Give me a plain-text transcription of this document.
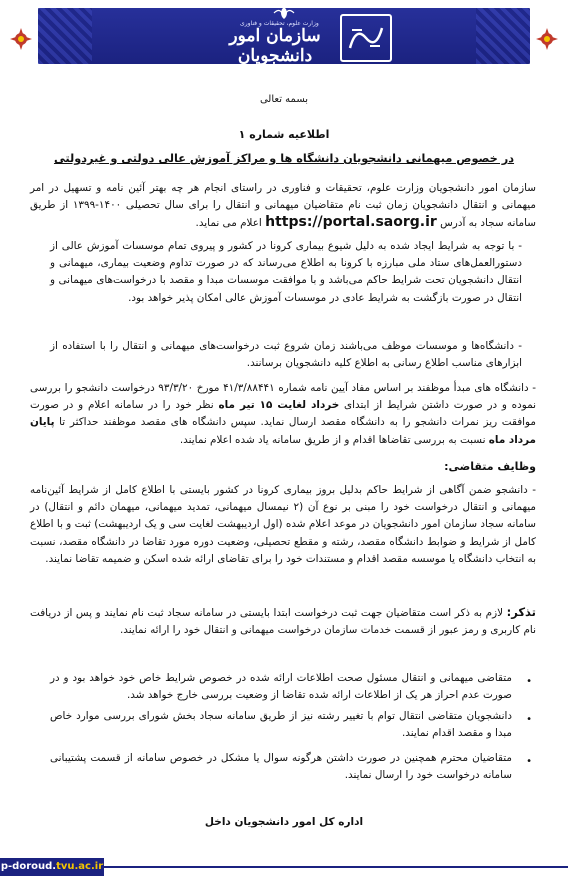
وزارت علوم، تحقیقات و فناوری
سازمان امور دانشجویان
بسمه تعالی
اطلاعیه شماره ۱
در خصوص میهمانی دانشجویان دانشگاه ها و مراکز آموزش عالی دولتی و غیردولتی
سازمان امور دانشجویان وزارت علوم، تحقیقات و فناوری در راستای انجام هر چه بهتر آئین نامه و تسهیل در امر میهمانی و انتقال دانشجویان زمان ثبت نام متقاضیان میهمانی و انتقال را برای سال تحصیلی ۱۴۰۰-۱۳۹۹ از طریق سامانه سجاد به آدرس https://portal.saorg.ir اعلام می نماید.
- با توجه به شرایط ایجاد شده به دلیل شیوع بیماری کرونا در کشور و پیروی تمام موسسات آموزش عالی از دستورالعمل‌های ستاد ملی مبارزه با کرونا به اطلاع می‌رساند که در صورت تداوم وضعیت بیماری، میهمانی و انتقال دانشجویان تحت شرایط حاکم می‌باشد و با موافقت موسسات مبدا و مقصد با درخواست‌های میهمانی و انتقال در صورت بازگشت به شرایط عادی در موسسات آموزش عالی امکان پذیر خواهد بود.
- دانشگاه‌ها و موسسات موظف می‌باشند زمان شروع ثبت درخواست‌های میهمانی و انتقال را با استفاده از ابزارهای مناسب اطلاع رسانی به اطلاع کلیه دانشجویان برسانند.
- دانشگاه های مبدأ موظفند بر اساس مفاد آیین نامه شماره ۴۱/۳/۸۸۴۴۱ مورخ ۹۳/۳/۲۰ درخواست دانشجو را بررسی نموده و در صورت داشتن شرایط از ابتدای خرداد لغایت ۱۵ تیر ماه نظر خود را در سامانه اعلام و در صورت موافقت ریز نمرات دانشجو را به دانشگاه مقصد ارسال نماید. سپس دانشگاه های مقصد موظفند حداکثر تا پایان مرداد ماه نسبت به بررسی تقاضاها اقدام و از طریق سامانه یاد شده اعلام نمایند.
وظایف متقاضی:
- دانشجو ضمن آگاهی از شرایط حاکم بدلیل بروز بیماری کرونا در کشور بایستی با اطلاع کامل از شرایط آئین‌نامه میهمانی و انتقال درخواست خود را مبنی بر نوع آن (۲ نیمسال میهمانی، تمدید میهمانی، میهمان دائم و انتقال) در سامانه سجاد سازمان امور دانشجویان در موعد اعلام شده (اول اردیبهشت لغایت سی و یک اردیبهشت) ثبت و با اطلاع کامل از شرایط و ضوابط دانشگاه مقصد، رشته و مقطع تحصیلی، وضعیت دوره مورد تقاضا در دانشگاه مقصد، نسبت به انتخاب دانشگاه یا موسسه مقصد اقدام و مستندات خود را برای تقاضای ارائه شده اسکن و ضمیمه تقاضا نمایند.
تذکر: لازم به ذکر است متقاضیان جهت ثبت درخواست ابتدا بایستی در سامانه سجاد ثبت نام نمایند و پس از دریافت نام کاربری و رمز عبور از قسمت خدمات سازمان درخواست میهمانی و انتقال خود را ارائه نمایند.
•
متقاضی میهمانی و انتقال مسئول صحت اطلاعات ارائه شده در خصوص شرایط خاص خود خواهد بود و در صورت عدم احراز هر یک از اطلاعات ارائه شده تقاضا از وضعیت بررسی خارج خواهد شد.
•
دانشجویان متقاضی انتقال توام با تغییر رشته نیز از طریق سامانه سجاد بخش شورای بررسی موارد خاص مبدا و مقصد اقدام نمایند.
•
متقاضیان محترم همچنین در صورت داشتن هرگونه سوال یا مشکل در خصوص سامانه از قسمت پشتیبانی سامانه درخواست خود را ارسال نمایند.
اداره کل امور دانشجویان داخل
p-doroud.tvu.ac.ir
